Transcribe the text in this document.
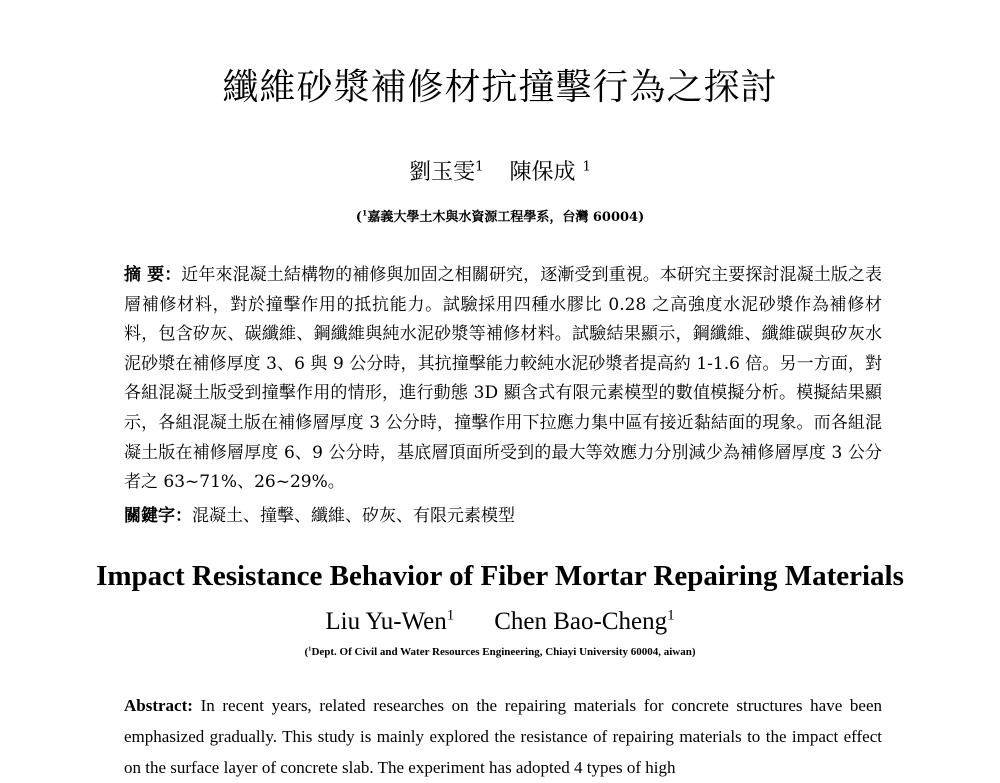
纖維砂漿補修材抗撞擊行為之探討
劉玉雯$^1$ 陳保成 $^1$
($^1$嘉義大學土木與水資源工程學系，台灣 60004)
摘 要：近年來混凝土結構物的補修與加固之相關研究，逐漸受到重視。本研究主要探討混凝土版之表層補修材料，對於撞擊作用的抵抗能力。試驗採用四種水膠比 0.28 之高強度水泥砂漿作為補修材料，包含矽灰、碳纖維、鋼纖維與純水泥砂漿等補修材料。試驗結果顯示，鋼纖維、纖維碳與矽灰水泥砂漿在補修厚度 3、6 與 9 公分時，其抗撞擊能力較純水泥砂漿者提高約 1-1.6 倍。另一方面，對各組混凝土版受到撞擊作用的情形，進行動態 3D 顯含式有限元素模型的數值模擬分析。模擬結果顯示，各組混凝土版在補修層厚度 3 公分時，撞擊作用下拉應力集中區有接近黏結面的現象。而各組混凝土版在補修層厚度 6、9 公分時，基底層頂面所受到的最大等效應力分別減少為補修層厚度 3 公分者之 63~71%、26~29%。
關鍵字：混凝土、撞擊、纖維、矽灰、有限元素模型
Impact Resistance Behavior of Fiber Mortar Repairing Materials
Liu Yu-Wen$^1$ Chen Bao-Cheng$^1$
($^1$Dept. Of Civil and Water Resources Engineering, Chiayi University 60004, aiwan)
Abstract: In recent years, related researches on the repairing materials for concrete structures have been emphasized gradually. This study is mainly explored the resistance of repairing materials to the impact effect on the surface layer of concrete slab. The experiment has adopted 4 types of high
